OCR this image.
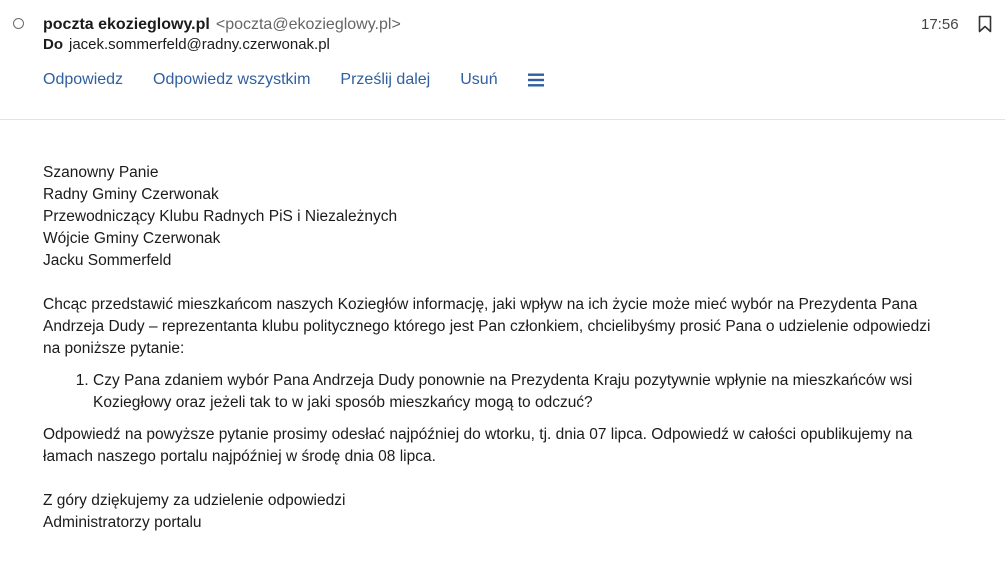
poczta ekozieglowy.pl <poczta@ekozieglowy.pl>
Do jacek.sommerfeld@radny.czerwonak.pl
17:56
Odpowiedz Odpowiedz wszystkim Prześlij dalej Usuń

Szanowny Panie

Radny Gminy Czerwonak

Przewodniczący Klubu Radnych PiS i Niezależnych

Wójcie Gminy Czerwonak

Jacku Sommerfeld

Chcąc przedstawić mieszkańcom naszych Koziegłów informację, jaki wpływ na ich życie może mieć wybór na Prezydenta Pana Andrzeja Dudy – reprezentanta klubu politycznego którego jest Pan członkiem, chcielibyśmy prosić Pana o udzielenie odpowiedzi na poniższe pytanie:

1. Czy Pana zdaniem wybór Pana Andrzeja Dudy ponownie na Prezydenta Kraju pozytywnie wpłynie na mieszkańców wsi Koziegłowy oraz jeżeli tak to w jaki sposób mieszkańcy mogą to odczuć?

Odpowiedź na powyższe pytanie prosimy odesłać najpóźniej do wtorku, tj. dnia 07 lipca. Odpowiedź w całości opublikujemy na łamach naszego portalu najpóźniej w środę dnia 08 lipca.

Z góry dziękujemy za udzielenie odpowiedzi

Administratorzy portalu
